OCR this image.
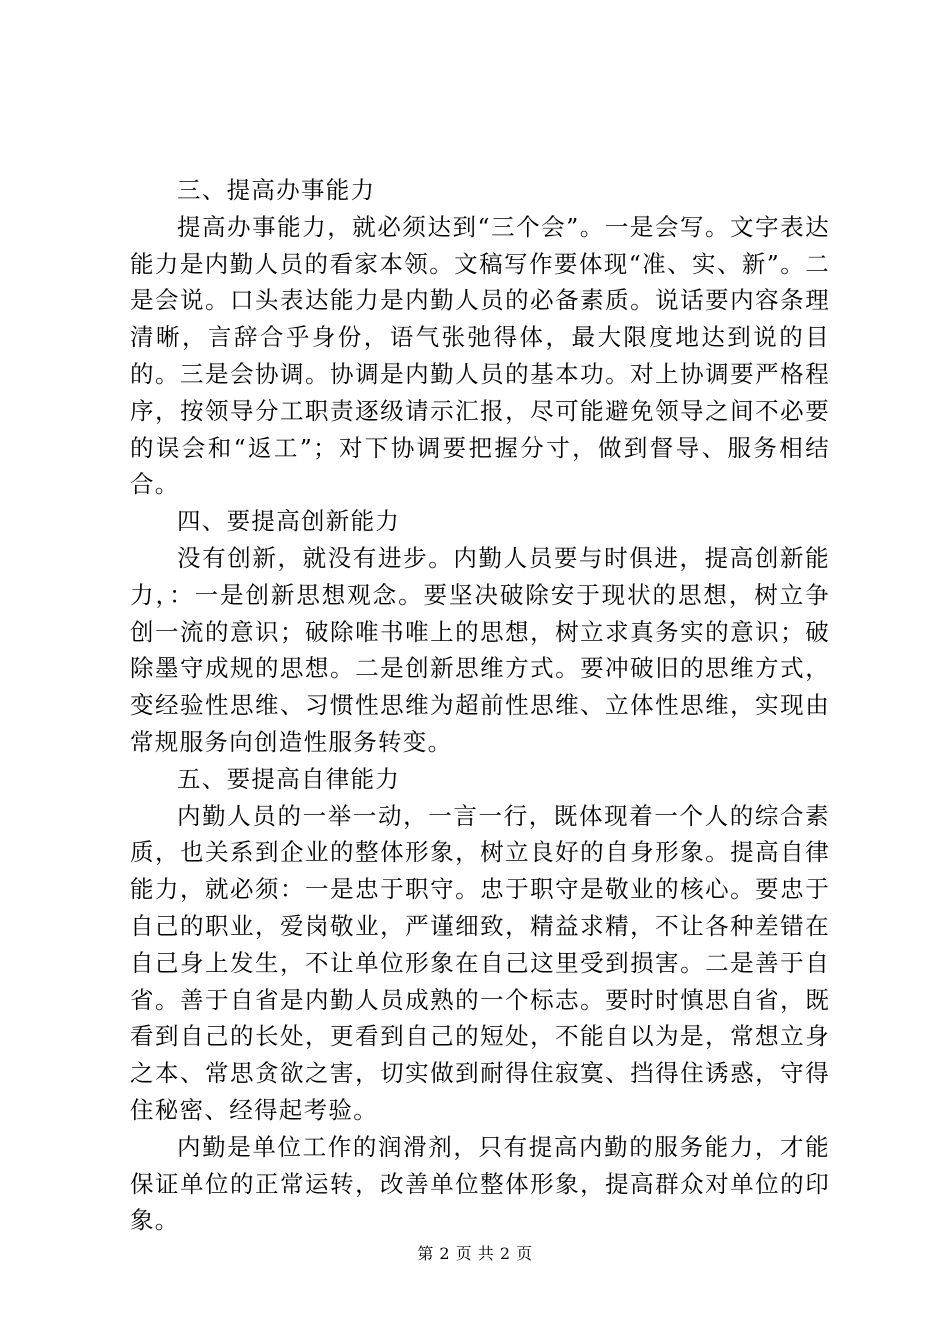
三、提高办事能力

提高办事能力，就必须达到“三个会”。一是会写。文字表达能力是内勤人员的看家本领。文稿写作要体现“准、实、新”。二是会说。口头表达能力是内勤人员的必备素质。说话要内容条理清晰，言辞合乎身份，语气张弛得体，最大限度地达到说的目的。三是会协调。协调是内勤人员的基本功。对上协调要严格程序，按领导分工职责逐级请示汇报，尽可能避免领导之间不必要的误会和“返工”；对下协调要把握分寸，做到督导、服务相结合。

四、要提高创新能力

没有创新，就没有进步。内勤人员要与时俱进，提高创新能力，：一是创新思想观念。要坚决破除安于现状的思想，树立争创一流的意识；破除唯书唯上的思想，树立求真务实的意识；破除墨守成规的思想。二是创新思维方式。要冲破旧的思维方式，变经验性思维、习惯性思维为超前性思维、立体性思维，实现由常规服务向创造性服务转变。

五、要提高自律能力

内勤人员的一举一动，一言一行，既体现着一个人的综合素质，也关系到企业的整体形象，树立良好的自身形象。提高自律能力，就必须：一是忠于职守。忠于职守是敬业的核心。要忠于自己的职业，爱岗敬业，严谨细致，精益求精，不让各种差错在自己身上发生，不让单位形象在自己这里受到损害。二是善于自省。善于自省是内勤人员成熟的一个标志。要时时慎思自省，既看到自己的长处，更看到自己的短处，不能自以为是，常想立身之本、常思贪欲之害，切实做到耐得住寂寞、挡得住诱惑，守得住秘密、经得起考验。

内勤是单位工作的润滑剂，只有提高内勤的服务能力，才能保证单位的正常运转，改善单位整体形象，提高群众对单位的印象。

第 2 页 共 2 页
